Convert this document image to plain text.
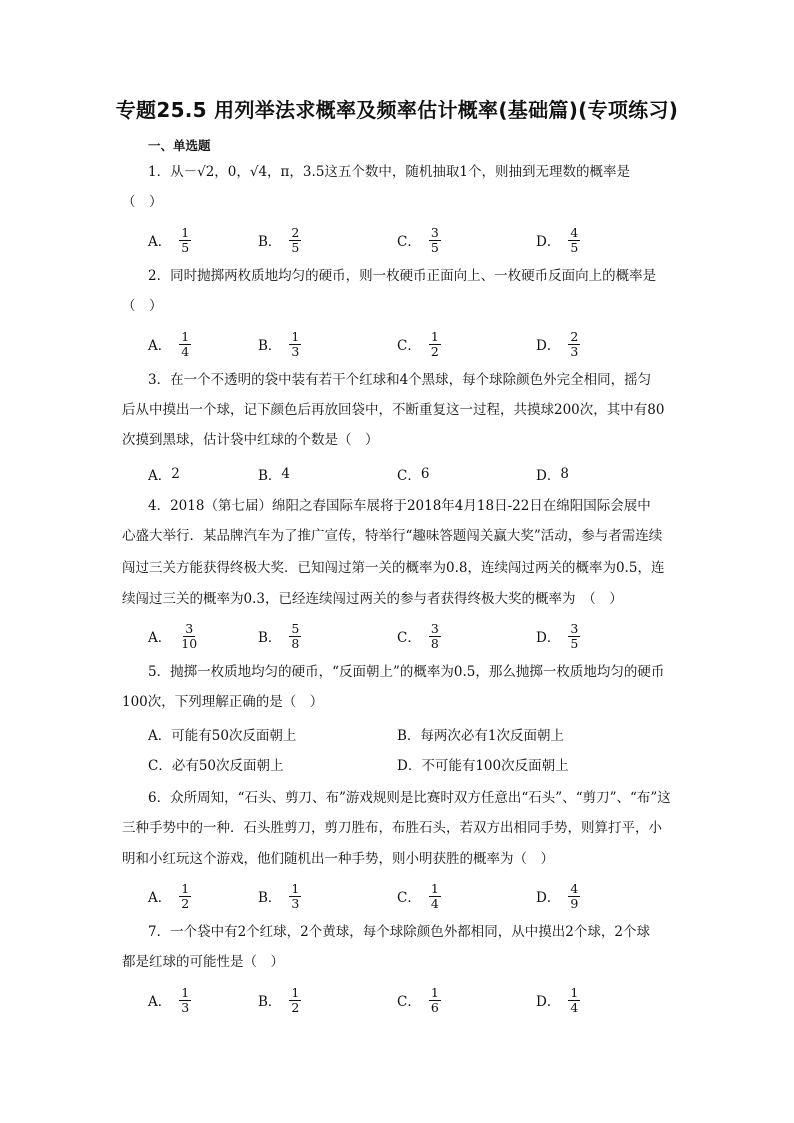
专题25.5 用列举法求概率及频率估计概率(基础篇)(专项练习)
一、单选题
1．从－√2，0，√4，π，3.5这五个数中，随机抽取1个，则抽到无理数的概率是
（　）
A． $\frac{1}{5}$	B． $\frac{2}{5}$	C． $\frac{3}{5}$	D． $\frac{4}{5}$
2．同时抛掷两枚质地均匀的硬币，则一枚硬币正面向上、一枚硬币反面向上的概率是
（　）
A． $\frac{1}{4}$	B． $\frac{1}{3}$	C． $\frac{1}{2}$	D． $\frac{2}{3}$
3．在一个不透明的袋中装有若干个红球和4个黑球，每个球除颜色外完全相同，摇匀
后从中摸出一个球，记下颜色后再放回袋中，不断重复这一过程，共摸球200次，其中有80
次摸到黑球，估计袋中红球的个数是（　）
A． 2	B． 4	C． 6	D． 8
4．2018（第七届）绵阳之春国际车展将于2018年4月18日-22日在绵阳国际会展中
心盛大举行．某品牌汽车为了推广宣传，特举行“趣味答题闯关赢大奖”活动，参与者需连续
闯过三关方能获得终极大奖．已知闯过第一关的概率为0.8，连续闯过两关的概率为0.5，连
续闯过三关的概率为0.3，已经连续闯过两关的参与者获得终极大奖的概率为　（　）
A． $\frac{3}{10}$	B． $\frac{5}{8}$	C． $\frac{3}{8}$	D． $\frac{3}{5}$
5．抛掷一枚质地均匀的硬币，“反面朝上”的概率为0.5，那么抛掷一枚质地均匀的硬币
100次，下列理解正确的是（　）
A． 可能有50次反面朝上	B． 每两次必有1次反面朝上
C． 必有50次反面朝上	D． 不可能有100次反面朝上
6．众所周知，“石头、剪刀、布”游戏规则是比赛时双方任意出“石头”、“剪刀”、“布”这
三种手势中的一种．石头胜剪刀，剪刀胜布，布胜石头，若双方出相同手势，则算打平，小
明和小红玩这个游戏，他们随机出一种手势，则小明获胜的概率为（　）
A． $\frac{1}{2}$	B． $\frac{1}{3}$	C． $\frac{1}{4}$	D． $\frac{4}{9}$
7．一个袋中有2个红球，2个黄球，每个球除颜色外都相同，从中摸出2个球，2个球
都是红球的可能性是（　）
A． $\frac{1}{3}$	B． $\frac{1}{2}$	C． $\frac{1}{6}$	D． $\frac{1}{4}$
